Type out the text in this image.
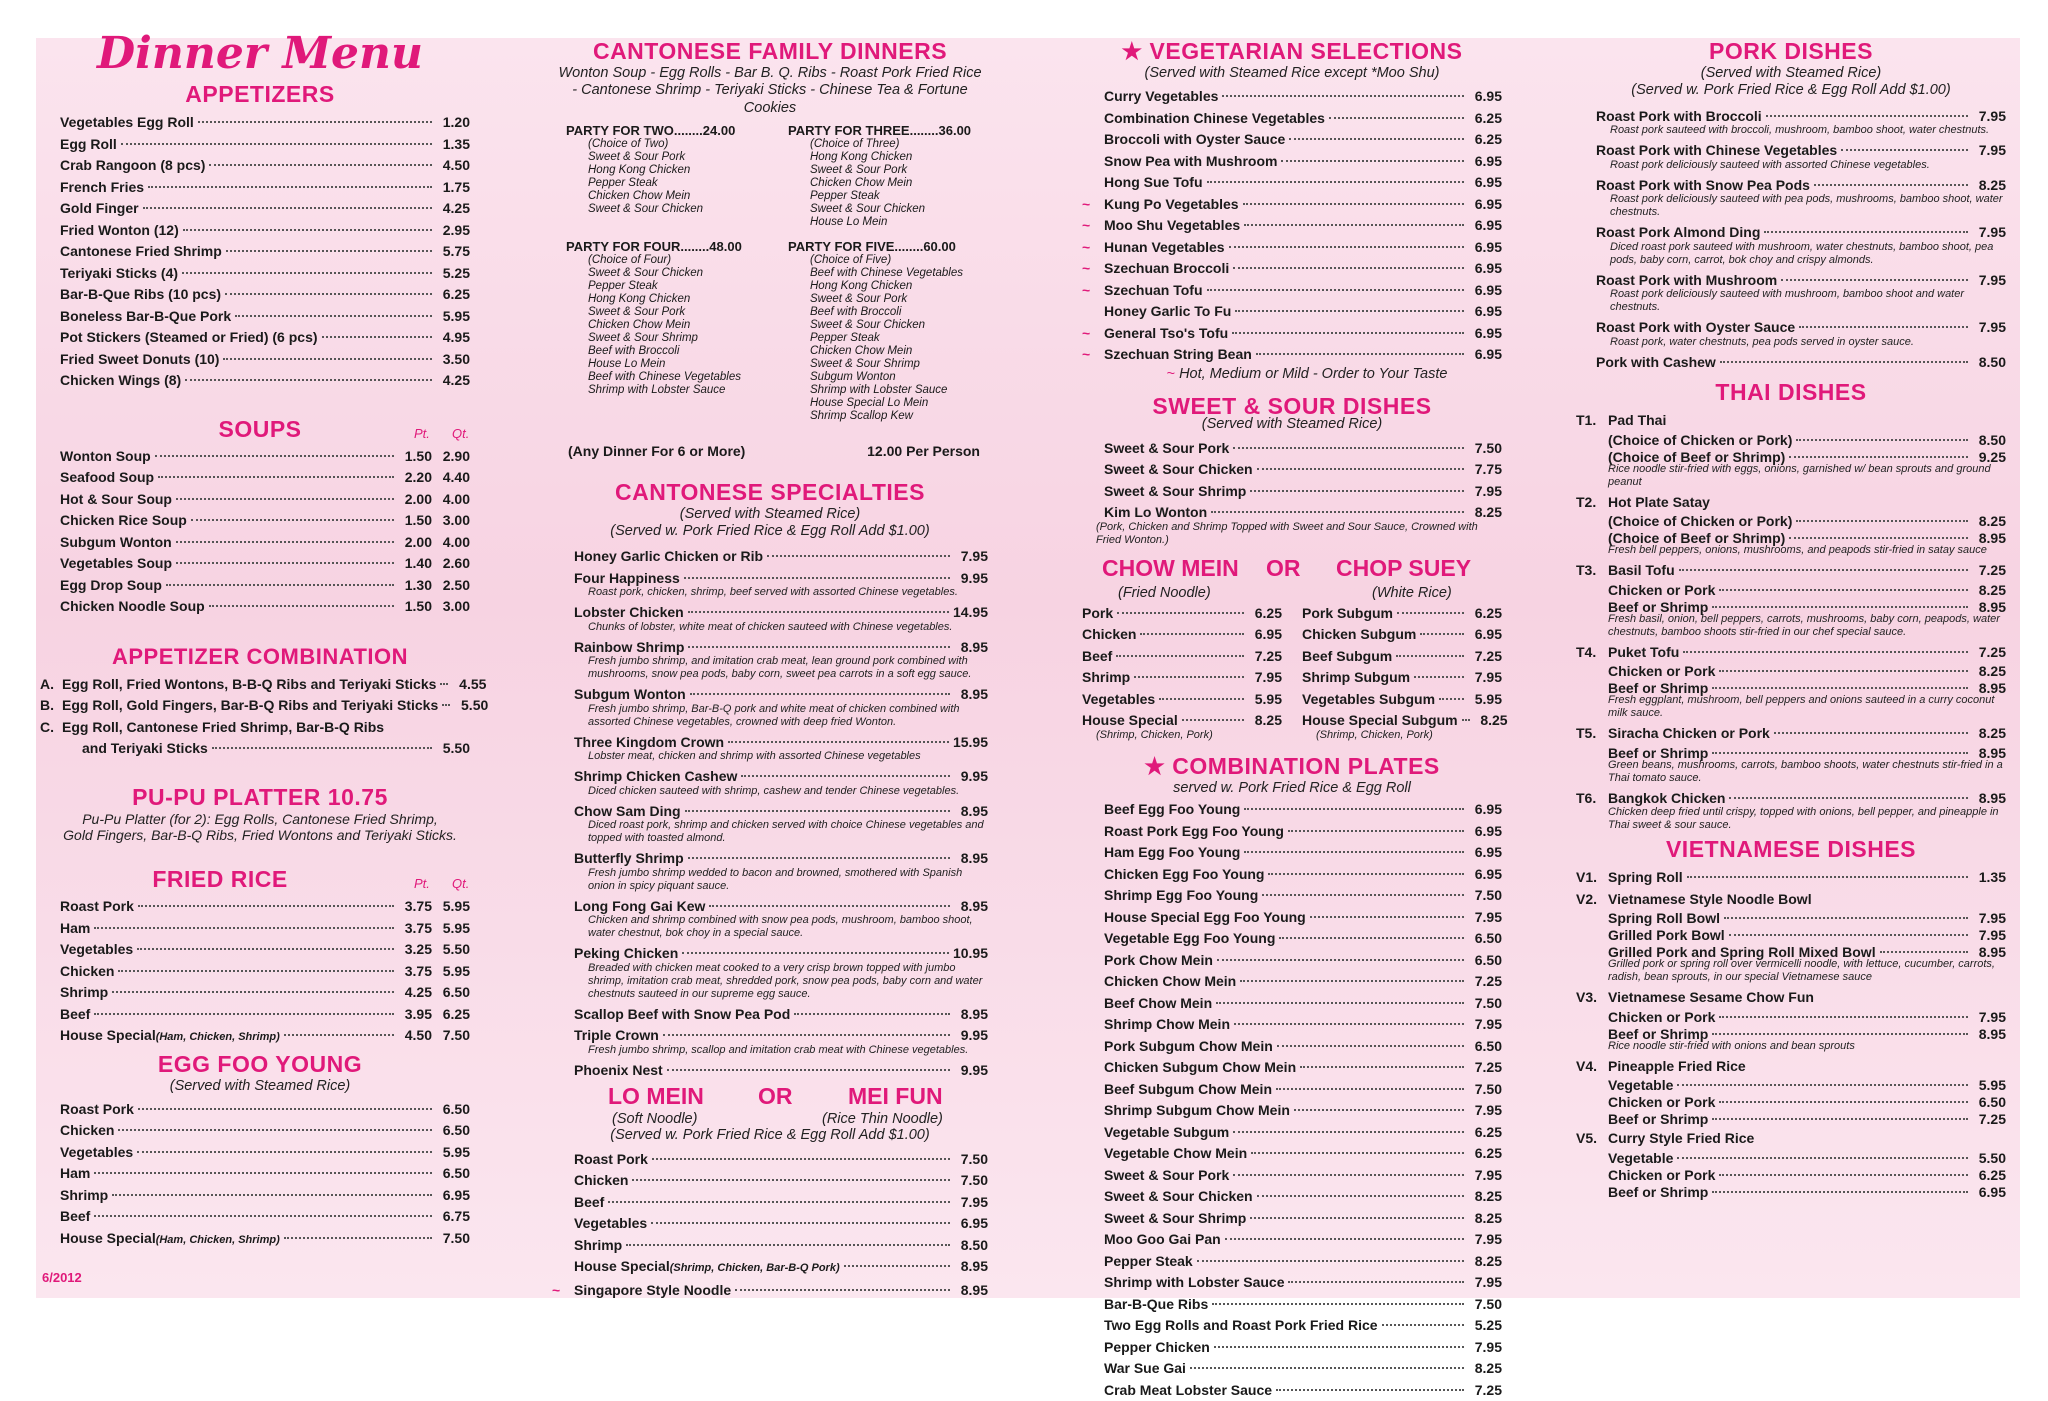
Dinner Menu
APPETIZERS
Vegetables Egg Roll	1.20
Egg Roll	1.35
Crab Rangoon (8 pcs)	4.50
French Fries	1.75
Gold Finger	4.25
Fried Wonton (12)	2.95
Cantonese Fried Shrimp	5.75
Teriyaki Sticks (4)	5.25
Bar-B-Que Ribs (10 pcs)	6.25
Boneless Bar-B-Que Pork	5.95
Pot Stickers (Steamed or Fried) (6 pcs)	4.95
Fried Sweet Donuts (10)	3.50
Chicken Wings (8)	4.25
SOUPS	Pt. Qt.
Wonton Soup	1.50 2.90
Seafood Soup	2.20 4.40
Hot & Sour Soup	2.00 4.00
Chicken Rice Soup	1.50 3.00
Subgum Wonton	2.00 4.00
Vegetables Soup	1.40 2.60
Egg Drop Soup	1.30 2.50
Chicken Noodle Soup	1.50 3.00
APPETIZER COMBINATION
A. Egg Roll, Fried Wontons, B-B-Q Ribs and Teriyaki Sticks	4.55
B. Egg Roll, Gold Fingers, Bar-B-Q Ribs and Teriyaki Sticks	5.50
C. Egg Roll, Cantonese Fried Shrimp, Bar-B-Q Ribs
and Teriyaki Sticks	5.50
PU-PU PLATTER 10.75
Pu-Pu Platter (for 2): Egg Rolls, Cantonese Fried Shrimp,
Gold Fingers, Bar-B-Q Ribs, Fried Wontons and Teriyaki Sticks.
FRIED RICE	Pt. Qt.
Roast Pork	3.75 5.95
Ham	3.75 5.95
Vegetables	3.25 5.50
Chicken	3.75 5.95
Shrimp	4.25 6.50
Beef	3.95 6.25
House Special (Ham, Chicken, Shrimp)	4.50 7.50
EGG FOO YOUNG
(Served with Steamed Rice)
Roast Pork	6.50
Chicken	6.50
Vegetables	5.95
Ham	6.50
Shrimp	6.95
Beef	6.75
House Special (Ham, Chicken, Shrimp)	7.50
CANTONESE FAMILY DINNERS
Wonton Soup - Egg Rolls - Bar B. Q. Ribs - Roast Pork Fried Rice
- Cantonese Shrimp - Teriyaki Sticks - Chinese Tea & Fortune
Cookies
PARTY FOR TWO........24.00
(Choice of Two)
Sweet & Sour Pork
Hong Kong Chicken
Pepper Steak
Chicken Chow Mein
Sweet & Sour Chicken
PARTY FOR THREE........36.00
(Choice of Three)
Hong Kong Chicken
Sweet & Sour Pork
Chicken Chow Mein
Pepper Steak
Sweet & Sour Chicken
House Lo Mein
PARTY FOR FOUR........48.00
(Choice of Four)
Sweet & Sour Chicken
Pepper Steak
Hong Kong Chicken
Sweet & Sour Pork
Chicken Chow Mein
Sweet & Sour Shrimp
Beef with Broccoli
House Lo Mein
Beef with Chinese Vegetables
Shrimp with Lobster Sauce
PARTY FOR FIVE........60.00
(Choice of Five)
Beef with Chinese Vegetables
Hong Kong Chicken
Sweet & Sour Pork
Beef with Broccoli
Sweet & Sour Chicken
Pepper Steak
Chicken Chow Mein
Sweet & Sour Shrimp
Subgum Wonton
Shrimp with Lobster Sauce
House Special Lo Mein
Shrimp Scallop Kew
(Any Dinner For 6 or More)	12.00 Per Person
CANTONESE SPECIALTIES
(Served with Steamed Rice)
(Served w. Pork Fried Rice & Egg Roll Add $1.00)
Honey Garlic Chicken or Rib	7.95
Four Happiness	9.95
Roast pork, chicken, shrimp, beef served with assorted Chinese vegetables.
Lobster Chicken	14.95
Chunks of lobster, white meat of chicken sauteed with Chinese vegetables.
Rainbow Shrimp	8.95
Fresh jumbo shrimp, and imitation crab meat, lean ground pork combined with mushrooms, snow pea pods, baby corn, sweet pea carrots in a soft egg sauce.
Subgum Wonton	8.95
Fresh jumbo shrimp, Bar-B-Q pork and white meat of chicken combined with assorted Chinese vegetables, crowned with deep fried Wonton.
Three Kingdom Crown	15.95
Lobster meat, chicken and shrimp with assorted Chinese vegetables
Shrimp Chicken Cashew	9.95
Diced chicken sauteed with shrimp, cashew and tender Chinese vegetables.
Chow Sam Ding	8.95
Diced roast pork, shrimp and chicken served with choice Chinese vegetables and topped with toasted almond.
Butterfly Shrimp	8.95
Fresh jumbo shrimp wedded to bacon and browned, smothered with Spanish onion in spicy piquant sauce.
Long Fong Gai Kew	8.95
Chicken and shrimp combined with snow pea pods, mushroom, bamboo shoot, water chestnut, bok choy in a special sauce.
Peking Chicken	10.95
Breaded with chicken meat cooked to a very crisp brown topped with jumbo shrimp, imitation crab meat, shredded pork, snow pea pods, baby corn and water chestnuts sauteed in our supreme egg sauce.
Scallop Beef with Snow Pea Pod	8.95
Triple Crown	9.95
Fresh jumbo shrimp, scallop and imitation crab meat with Chinese vegetables.
Phoenix Nest	9.95
LO MEIN OR MEI FUN
(Soft Noodle)	(Rice Thin Noodle)
(Served w. Pork Fried Rice & Egg Roll Add $1.00)
Roast Pork	7.50
Chicken	7.50
Beef	7.95
Vegetables	6.95
Shrimp	8.50
House Special (Shrimp, Chicken, Bar-B-Q Pork)	8.95
~ Singapore Style Noodle	8.95
★ VEGETARIAN SELECTIONS
(Served with Steamed Rice except *Moo Shu)
Curry Vegetables	6.95
Combination Chinese Vegetables	6.25
Broccoli with Oyster Sauce	6.25
Snow Pea with Mushroom	6.95
Hong Sue Tofu	6.95
~ Kung Po Vegetables	6.95
~ Moo Shu Vegetables	6.95
~ Hunan Vegetables	6.95
~ Szechuan Broccoli	6.95
~ Szechuan Tofu	6.95
Honey Garlic To Fu	6.95
~ General Tso's Tofu	6.95
~ Szechuan String Bean	6.95
~ Hot, Medium or Mild - Order to Your Taste
SWEET & SOUR DISHES
(Served with Steamed Rice)
Sweet & Sour Pork	7.50
Sweet & Sour Chicken	7.75
Sweet & Sour Shrimp	7.95
Kim Lo Wonton	8.25
(Pork, Chicken and Shrimp Topped with Sweet and Sour Sauce, Crowned with Fried Wonton.)
CHOW MEIN OR CHOP SUEY
(Fried Noodle)	(White Rice)
Pork	6.25
Chicken	6.95
Beef	7.25
Shrimp	7.95
Vegetables	5.95
House Special	8.25
(Shrimp, Chicken, Pork)
Pork Subgum	6.25
Chicken Subgum	6.95
Beef Subgum	7.25
Shrimp Subgum	7.95
Vegetables Subgum	5.95
House Special Subgum	8.25
(Shrimp, Chicken, Pork)
★ COMBINATION PLATES
served w. Pork Fried Rice & Egg Roll
Beef Egg Foo Young	6.95
Roast Pork Egg Foo Young	6.95
Ham Egg Foo Young	6.95
Chicken Egg Foo Young	6.95
Shrimp Egg Foo Young	7.50
House Special Egg Foo Young	7.95
Vegetable Egg Foo Young	6.50
Pork Chow Mein	6.50
Chicken Chow Mein	7.25
Beef Chow Mein	7.50
Shrimp Chow Mein	7.95
Pork Subgum Chow Mein	6.50
Chicken Subgum Chow Mein	7.25
Beef Subgum Chow Mein	7.50
Shrimp Subgum Chow Mein	7.95
Vegetable Subgum	6.25
Vegetable Chow Mein	6.25
Sweet & Sour Pork	7.95
Sweet & Sour Chicken	8.25
Sweet & Sour Shrimp	8.25
Moo Goo Gai Pan	7.95
Pepper Steak	8.25
Shrimp with Lobster Sauce	7.95
Bar-B-Que Ribs	7.50
Two Egg Rolls and Roast Pork Fried Rice	5.25
Pepper Chicken	7.95
War Sue Gai	8.25
Crab Meat Lobster Sauce	7.25
PORK DISHES
(Served with Steamed Rice)
(Served w. Pork Fried Rice & Egg Roll Add $1.00)
Roast Pork with Broccoli	7.95
Roast pork sauteed with broccoli, mushroom, bamboo shoot, water chestnuts.
Roast Pork with Chinese Vegetables	7.95
Roast pork deliciously sauteed with assorted Chinese vegetables.
Roast Pork with Snow Pea Pods	8.25
Roast pork deliciously sauteed with pea pods, mushrooms, bamboo shoot, water chestnuts.
Roast Pork Almond Ding	7.95
Diced roast pork sauteed with mushroom, water chestnuts, bamboo shoot, pea pods, baby corn, carrot, bok choy and crispy almonds.
Roast Pork with Mushroom	7.95
Roast pork deliciously sauteed with mushroom, bamboo shoot and water chestnuts.
Roast Pork with Oyster Sauce	7.95
Roast pork, water chestnuts, pea pods served in oyster sauce.
Pork with Cashew	8.50
THAI DISHES
T1. Pad Thai
(Choice of Chicken or Pork)	8.50
(Choice of Beef or Shrimp)	9.25
Rice noodle stir-fried with eggs, onions, garnished w/ bean sprouts and ground peanut
T2. Hot Plate Satay
(Choice of Chicken or Pork)	8.25
(Choice of Beef or Shrimp)	8.95
Fresh bell peppers, onions, mushrooms, and peapods stir-fried in satay sauce
T3. Basil Tofu	7.25
Chicken or Pork	8.25
Beef or Shrimp	8.95
Fresh basil, onion, bell peppers, carrots, mushrooms, baby corn, peapods, water chestnuts, bamboo shoots stir-fried in our chef special sauce.
T4. Puket Tofu	7.25
Chicken or Pork	8.25
Beef or Shrimp	8.95
Fresh eggplant, mushroom, bell peppers and onions sauteed in a curry coconut milk sauce.
T5. Siracha Chicken or Pork	8.25
Beef or Shrimp	8.95
Green beans, mushrooms, carrots, bamboo shoots, water chestnuts stir-fried in a Thai tomato sauce.
T6. Bangkok Chicken	8.95
Chicken deep fried until crispy, topped with onions, bell pepper, and pineapple in Thai sweet & sour sauce.
VIETNAMESE DISHES
V1. Spring Roll	1.35
V2. Vietnamese Style Noodle Bowl
Spring Roll Bowl	7.95
Grilled Pork Bowl	7.95
Grilled Pork and Spring Roll Mixed Bowl	8.95
Grilled pork or spring roll over vermicelli noodle, with lettuce, cucumber, carrots, radish, bean sprouts, in our special Vietnamese sauce
V3. Vietnamese Sesame Chow Fun
Chicken or Pork	7.95
Beef or Shrimp	8.95
Rice noodle stir-fried with onions and bean sprouts
V4. Pineapple Fried Rice
Vegetable	5.95
Chicken or Pork	6.50
Beef or Shrimp	7.25
V5. Curry Style Fried Rice
Vegetable	5.50
Chicken or Pork	6.25
Beef or Shrimp	6.95
6/2012
